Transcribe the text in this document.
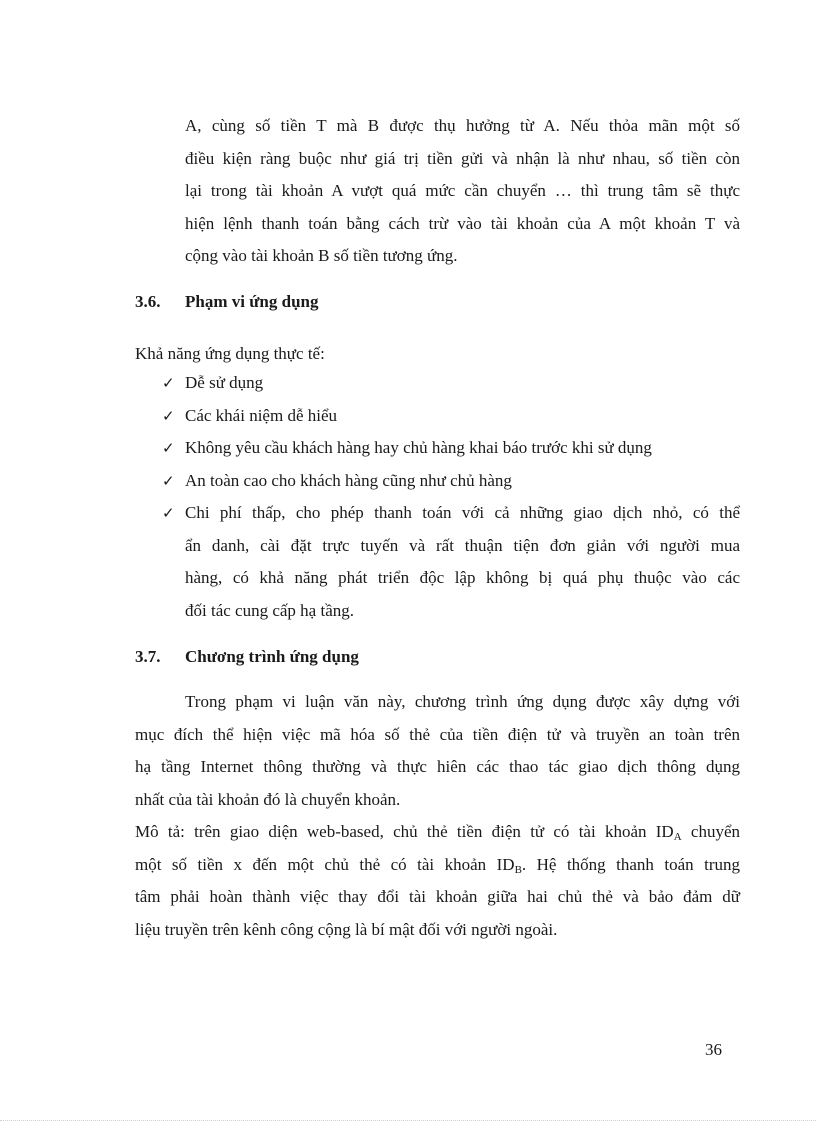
A, cùng số tiền T mà B được thụ hưởng từ A. Nếu thỏa mãn một số
điều kiện ràng buộc như giá trị tiền gửi và nhận là như nhau, số tiền còn
lại trong tài khoản A vượt quá mức cần chuyển … thì trung tâm sẽ thực
hiện lệnh thanh toán bằng cách trừ vào tài khoản của A một khoản T và
cộng vào tài khoản B số tiền tương ứng.
3.6. Phạm vi ứng dụng
Khả năng ứng dụng thực tế:
✓ Dễ sử dụng
✓ Các khái niệm dễ hiểu
✓ Không yêu cầu khách hàng hay chủ hàng khai báo trước khi sử dụng
✓ An toàn cao cho khách hàng cũng như chủ hàng
✓ Chi phí thấp, cho phép thanh toán với cả những giao dịch nhỏ, có thể
ẩn danh, cài đặt trực tuyến và rất thuận tiện đơn giản với người mua
hàng, có khả năng phát triển độc lập không bị quá phụ thuộc vào các
đối tác cung cấp hạ tầng.
3.7. Chương trình ứng dụng
Trong phạm vi luận văn này, chương trình ứng dụng được xây dựng với
mục đích thể hiện việc mã hóa số thẻ của tiền điện tử và truyền an toàn trên
hạ tầng Internet thông thường và thực hiên các thao tác giao dịch thông dụng
nhất của tài khoản đó là chuyển khoản.
Mô tả: trên giao diện web-based, chủ thẻ tiền điện tử có tài khoản $ID_A$ chuyển
một số tiền x đến một chủ thẻ có tài khoản $ID_B$. Hệ thống thanh toán trung
tâm phải hoàn thành việc thay đổi tài khoản giữa hai chủ thẻ và bảo đảm dữ
liệu truyền trên kênh công cộng là bí mật đối với người ngoài.
36
